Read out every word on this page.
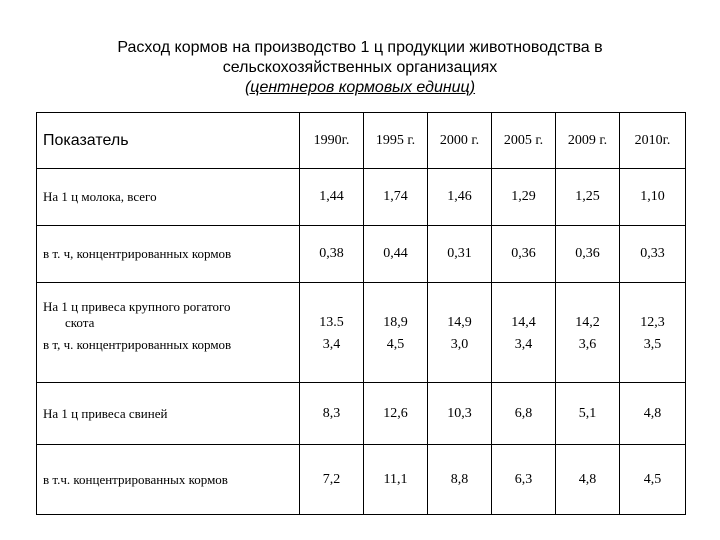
Расход кормов на производство 1 ц продукции животноводства в
сельскохозяйственных организациях
(центнеров кормовых единиц)
Показатель	1990г.	1995 г.	2000 г.	2005 г.	2009 г.	2010г.
На 1 ц молока, всего	1,44	1,74	1,46	1,29	1,25	1,10
в т. ч, концентрированных кормов	0,38	0,44	0,31	0,36	0,36	0,33
На 1 ц привеса крупного рогатого
скота	13.5	18,9	14,9	14,4	14,2	12,3
в т, ч. концентрированных кормов	3,4	4,5	3,0	3,4	3,6	3,5
На 1 ц привеса свиней	8,3	12,6	10,3	6,8	5,1	4,8
в т.ч. концентрированных кормов	7,2	11,1	8,8	6,3	4,8	4,5
